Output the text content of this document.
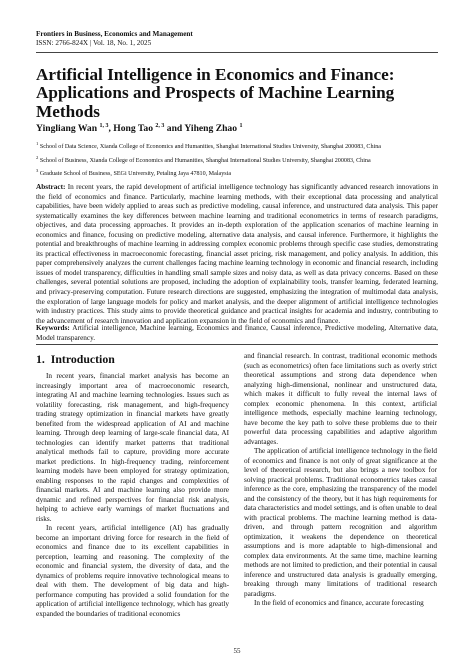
Frontiers in Business, Economics and Management
ISSN: 2766-824X | Vol. 18, No. 1, 2025
Artificial Intelligence in Economics and Finance: Applications and Prospects of Machine Learning Methods
Yingliang Wan $^{1, 3}$, Hong Tao $^{2, 3}$ and Yiheng Zhao $^1$
$^1$ School of Data Science, Xianda College of Economics and Humanities, Shanghai International Studies University, Shanghai 200083, China
$^2$ School of Business, Xianda College of Economics and Humanities, Shanghai International Studies University, Shanghai 200083, China
$^3$ Graduate School of Business, SEGi University, Petaling Jaya 47810, Malaysia
Abstract: In recent years, the rapid development of artificial intelligence technology has significantly advanced research innovations in the field of economics and finance. Particularly, machine learning methods, with their exceptional data processing and analytical capabilities, have been widely applied to areas such as predictive modeling, causal inference, and unstructured data analysis. This paper systematically examines the key differences between machine learning and traditional econometrics in terms of research paradigms, objectives, and data processing approaches. It provides an in-depth exploration of the application scenarios of machine learning in economics and finance, focusing on predictive modeling, alternative data analysis, and causal inference. Furthermore, it highlights the potential and breakthroughs of machine learning in addressing complex economic problems through specific case studies, demonstrating its practical effectiveness in macroeconomic forecasting, financial asset pricing, risk management, and policy analysis. In addition, this paper comprehensively analyzes the current challenges facing machine learning technology in economic and financial research, including issues of model transparency, difficulties in handling small sample sizes and noisy data, as well as data privacy concerns. Based on these challenges, several potential solutions are proposed, including the adoption of explainability tools, transfer learning, federated learning, and privacy-preserving computation. Future research directions are suggested, emphasizing the integration of multimodal data analysis, the exploration of large language models for policy and market analysis, and the deeper alignment of artificial intelligence technologies with industry practices. This study aims to provide theoretical guidance and practical insights for academia and industry, contributing to the advancement of research innovation and application expansion in the field of economics and finance.
Keywords: Artificial intelligence, Machine learning, Economics and finance, Causal inference, Predictive modeling, Alternative data, Model transparency.
1. Introduction

In recent years, financial market analysis has become an increasingly important area of macroeconomic research, integrating AI and machine learning technologies. Issues such as volatility forecasting, risk management, and high-frequency trading strategy optimization in financial markets have greatly benefited from the widespread application of AI and machine learning. Through deep learning of large-scale financial data, AI technologies can identify market patterns that traditional analytical methods fail to capture, providing more accurate market predictions. In high-frequency trading, reinforcement learning models have been employed for strategy optimization, enabling responses to the rapid changes and complexities of financial markets. AI and machine learning also provide more dynamic and refined perspectives for financial risk analysis, helping to achieve early warnings of market fluctuations and risks.

In recent years, artificial intelligence (AI) has gradually become an important driving force for research in the field of economics and finance due to its excellent capabilities in perception, learning and reasoning. The complexity of the economic and financial system, the diversity of data, and the dynamics of problems require innovative technological means to deal with them. The development of big data and high-performance computing has provided a solid foundation for the application of artificial intelligence technology, which has greatly expanded the boundaries of traditional economics

and financial research. In contrast, traditional economic methods (such as econometrics) often face limitations such as overly strict theoretical assumptions and strong data dependence when analyzing high-dimensional, nonlinear and unstructured data, which makes it difficult to fully reveal the internal laws of complex economic phenomena. In this context, artificial intelligence methods, especially machine learning technology, have become the key path to solve these problems due to their powerful data processing capabilities and adaptive algorithm advantages.

The application of artificial intelligence technology in the field of economics and finance is not only of great significance at the level of theoretical research, but also brings a new toolbox for solving practical problems. Traditional econometrics takes causal inference as the core, emphasizing the transparency of the model and the consistency of the theory, but it has high requirements for data characteristics and model settings, and is often unable to deal with practical problems. The machine learning method is data-driven, and through pattern recognition and algorithm optimization, it weakens the dependence on theoretical assumptions and is more adaptable to high-dimensional and complex data environments. At the same time, machine learning methods are not limited to prediction, and their potential in causal inference and unstructured data analysis is gradually emerging, breaking through many limitations of traditional research paradigms.

In the field of economics and finance, accurate forecasting

55
